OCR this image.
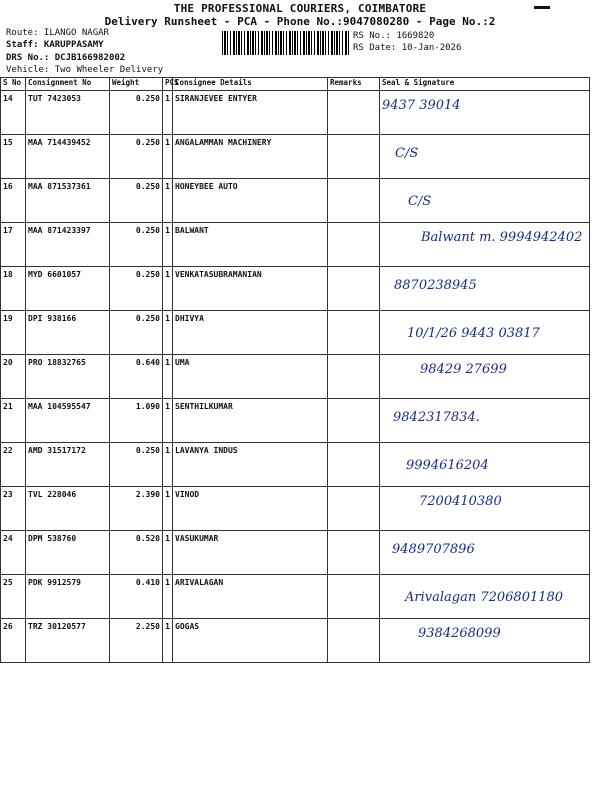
THE PROFESSIONAL COURIERS, COIMBATORE
Delivery Runsheet - PCA - Phone No.:9047080280 - Page No.:2
Route: ILANGO NAGAR
Staff: KARUPPASAMY
DRS No.: DCJB166982002
Vehicle: Two Wheeler Delivery
RS No.: 1669820
RS Date: 10-Jan-2026
S No	Consignment No	Weight	PCS	Consignee Details	Remarks	Seal & Signature
14	TUT 7423053	0.250	1	SIRANJEVEE ENTYER		9437 39014
15	MAA 714439452	0.250	1	ANGALAMMAN MACHINERY		C/S
16	MAA 871537361	0.250	1	HONEYBEE AUTO		C/S
17	MAA 871423397	0.250	1	BALWANT		Balwant m. 9994942402
18	MYD 6601057	0.250	1	VENKATASUBRAMANIAN		8870238945
19	DPI 938166	0.250	1	DHIVYA		10/1/26 9443 03817
20	PRO 18832765	0.640	1	UMA		98429 27699
21	MAA 104595547	1.090	1	SENTHILKUMAR		9842317834.
22	AMD 31517172	0.250	1	LAVANYA INDUS		9994616204
23	TVL 228046	2.390	1	VINOD		7200410380
24	DPM 538760	0.520	1	VASUKUMAR		9489707896
25	PDK 9912579	0.410	1	ARIVALAGAN		Arivalagan 7206801180
26	TRZ 30120577	2.250	1	GOGAS		9384268099
